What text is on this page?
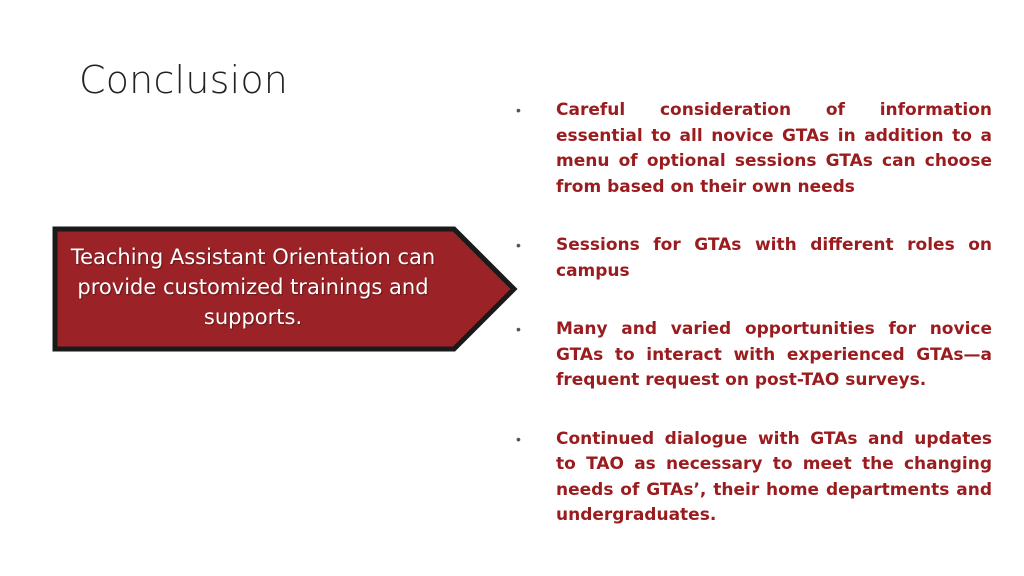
Conclusion
Teaching Assistant Orientation can provide customized trainings and supports.
• Careful consideration of information essential to all novice GTAs in addition to a menu of optional sessions GTAs can choose from based on their own needs
• Sessions for GTAs with different roles on campus
• Many and varied opportunities for novice GTAs to interact with experienced GTAs—a frequent request on post-TAO surveys.
• Continued dialogue with GTAs and updates to TAO as necessary to meet the changing needs of GTAs’, their home departments and undergraduates.
